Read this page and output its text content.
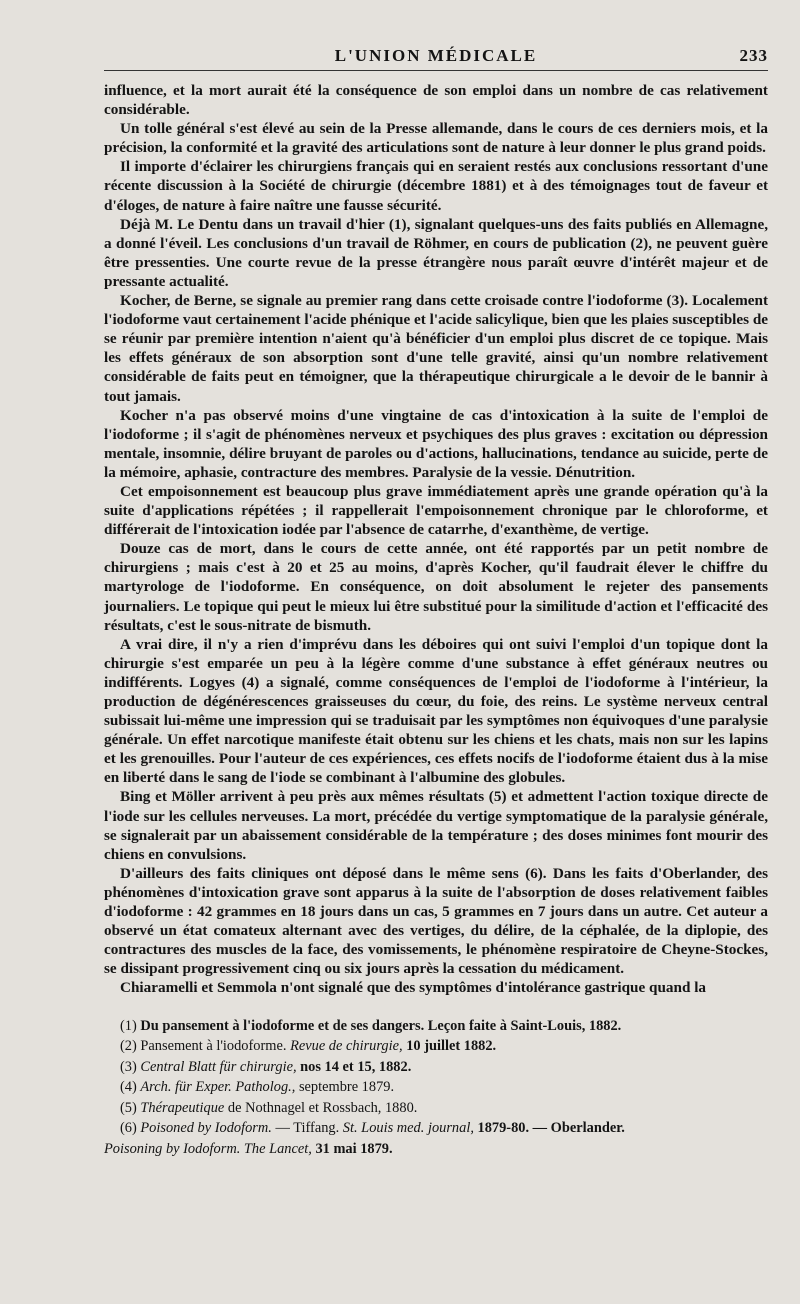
L'UNION MÉDICALE	233

influence, et la mort aurait été la conséquence de son emploi dans un nombre de cas relativement considérable.

Un tolle général s'est élevé au sein de la Presse allemande, dans le cours de ces derniers mois, et la précision, la conformité et la gravité des articulations sont de nature à leur donner le plus grand poids.

Il importe d'éclairer les chirurgiens français qui en seraient restés aux conclusions ressortant d'une récente discussion à la Société de chirurgie (décembre 1881) et à des témoignages tout de faveur et d'éloges, de nature à faire naître une fausse sécurité.

Déjà M. Le Dentu dans un travail d'hier (1), signalant quelques-uns des faits publiés en Allemagne, a donné l'éveil. Les conclusions d'un travail de Röhmer, en cours de publication (2), ne peuvent guère être pressenties. Une courte revue de la presse étrangère nous paraît œuvre d'intérêt majeur et de pressante actualité.

Kocher, de Berne, se signale au premier rang dans cette croisade contre l'iodoforme (3). Localement l'iodoforme vaut certainement l'acide phénique et l'acide salicylique, bien que les plaies susceptibles de se réunir par première intention n'aient qu'à bénéficier d'un emploi plus discret de ce topique. Mais les effets généraux de son absorption sont d'une telle gravité, ainsi qu'un nombre relativement considérable de faits peut en témoigner, que la thérapeutique chirurgicale a le devoir de le bannir à tout jamais.

Kocher n'a pas observé moins d'une vingtaine de cas d'intoxication à la suite de l'emploi de l'iodoforme ; il s'agit de phénomènes nerveux et psychiques des plus graves : excitation ou dépression mentale, insomnie, délire bruyant de paroles ou d'actions, hallucinations, tendance au suicide, perte de la mémoire, aphasie, contracture des membres. Paralysie de la vessie. Dénutrition.

Cet empoisonnement est beaucoup plus grave immédiatement après une grande opération qu'à la suite d'applications répétées ; il rappellerait l'empoisonnement chronique par le chloroforme, et différerait de l'intoxication iodée par l'absence de catarrhe, d'exanthème, de vertige.

Douze cas de mort, dans le cours de cette année, ont été rapportés par un petit nombre de chirurgiens ; mais c'est à 20 et 25 au moins, d'après Kocher, qu'il faudrait élever le chiffre du martyrologe de l'iodoforme. En conséquence, on doit absolument le rejeter des pansements journaliers. Le topique qui peut le mieux lui être substitué pour la similitude d'action et l'efficacité des résultats, c'est le sous-nitrate de bismuth.

A vrai dire, il n'y a rien d'imprévu dans les déboires qui ont suivi l'emploi d'un topique dont la chirurgie s'est emparée un peu à la légère comme d'une substance à effet généraux neutres ou indifférents. Logyes (4) a signalé, comme conséquences de l'emploi de l'iodoforme à l'intérieur, la production de dégénérescences graisseuses du cœur, du foie, des reins. Le système nerveux central subissait lui-même une impression qui se traduisait par les symptômes non équivoques d'une paralysie générale. Un effet narcotique manifeste était obtenu sur les chiens et les chats, mais non sur les lapins et les grenouilles. Pour l'auteur de ces expériences, ces effets nocifs de l'iodoforme étaient dus à la mise en liberté dans le sang de l'iode se combinant à l'albumine des globules.

Bing et Möller arrivent à peu près aux mêmes résultats (5) et admettent l'action toxique directe de l'iode sur les cellules nerveuses. La mort, précédée du vertige symptomatique de la paralysie générale, se signalerait par un abaissement considérable de la température ; des doses minimes font mourir des chiens en convulsions.

D'ailleurs des faits cliniques ont déposé dans le même sens (6). Dans les faits d'Oberlander, des phénomènes d'intoxication grave sont apparus à la suite de l'absorption de doses relativement faibles d'iodoforme : 42 grammes en 18 jours dans un cas, 5 grammes en 7 jours dans un autre. Cet auteur a observé un état comateux alternant avec des vertiges, du délire, de la céphalée, de la diplopie, des contractures des muscles de la face, des vomissements, le phénomène respiratoire de Cheyne-Stockes, se dissipant progressivement cinq ou six jours après la cessation du médicament.

Chiaramelli et Semmola n'ont signalé que des symptômes d'intolérance gastrique quand la

(1) Du pansement à l'iodoforme et de ses dangers. Leçon faite à Saint-Louis, 1882.
(2) Pansement à l'iodoforme. Revue de chirurgie, 10 juillet 1882.
(3) Central Blatt für chirurgie, nos 14 et 15, 1882.
(4) Arch. für Exper. Patholog., septembre 1879.
(5) Thérapeutique de Nothnagel et Rossbach, 1880.
(6) Poisoned by Iodoform. — Tiffang. St. Louis med. journal, 1879-80. — Oberlander.
Poisoning by Iodoform. The Lancet, 31 mai 1879.
